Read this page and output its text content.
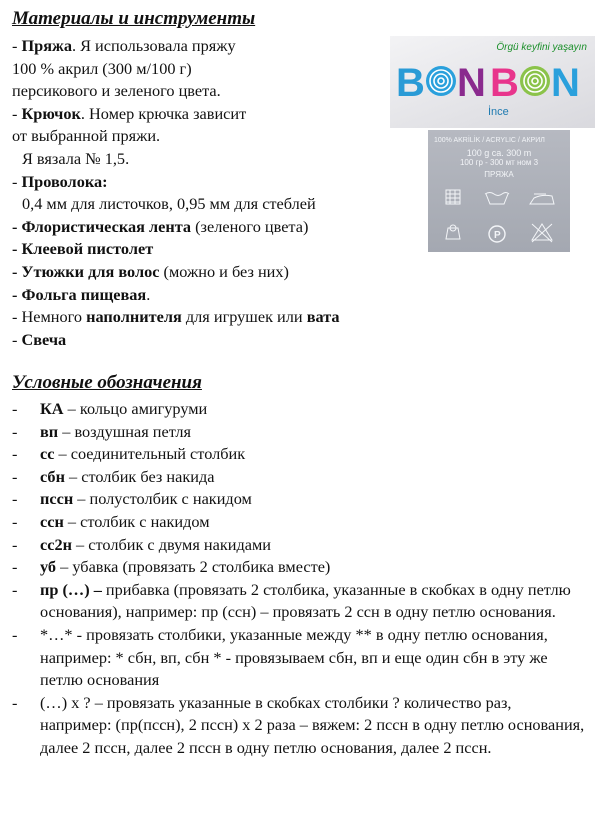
Материалы и инструменты

- Пряжа. Я использовала пряжу

100 % акрил (300 м/100 г)

персикового и зеленого цвета.

- Крючок. Номер крючка зависит

от выбранной пряжи.

Я вязала № 1,5.

- Проволока:

0,4 мм для листочков, 0,95 мм для стеблей

- Флористическая лента (зеленого цвета)

- Клеевой пистолет

- Утюжки для волос (можно и без них)

- Фольга пищевая.

- Немного наполнителя для игрушек или вата

- Свеча

Örgü keyfini yaşayın
B N B N
İnce
100% AKRİLİK / ACRYLIC / АКРИЛ
100 g ca. 300 m
100 гр - 300 мт ном 3
ПРЯЖА
P
Условные обозначения
-	КА – кольцо амигуруми
-	вп – воздушная петля
-	сс – соединительный столбик
-	сбн – столбик без накида
-	пссн – полустолбик с накидом
-	ссн – столбик с накидом
-	сс2н – столбик с двумя накидами
-	уб – убавка (провязать 2 столбика вместе)
-	пр (…) – прибавка (провязать 2 столбика, указанные в скобках в одну петлю основания), например: пр (ссн) – провязать 2 ссн в одну петлю основания.
-	*…* - провязать столбики, указанные между ** в одну петлю основания, например: * сбн, вп, сбн * - провязываем сбн, вп и еще один сбн в эту же петлю основания
-	(…) х ? – провязать указанные в скобках столбики ? количество раз, например: (пр(пссн), 2 пссн) х 2 раза – вяжем: 2 пссн в одну петлю основания, далее 2 пссн, далее 2 пссн в одну петлю основания, далее 2 пссн.
